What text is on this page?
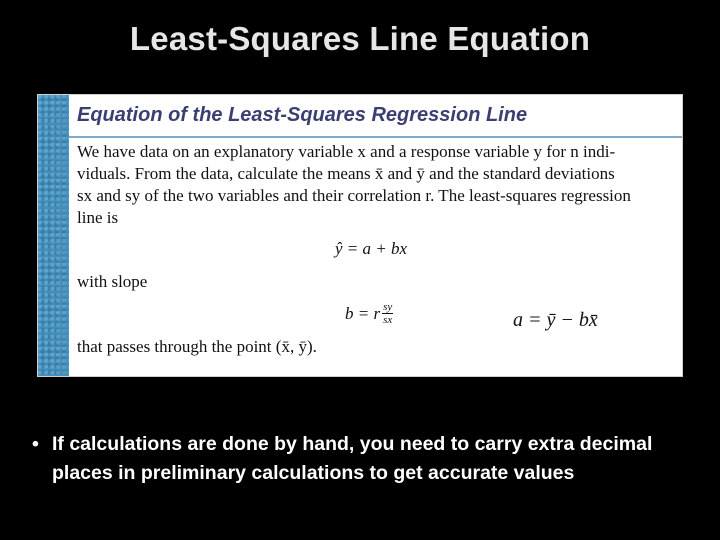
Least-Squares Line Equation
Equation of the Least-Squares Regression Line

We have data on an explanatory variable x and a response variable y for n indi-

viduals. From the data, calculate the means x̄ and ȳ and the standard deviations

sx and sy of the two variables and their correlation r. The least-squares regression

line is

ŷ = a + bx
with slope
b = r $\frac{sy}{sx}$	a = ȳ − bx̄
that passes through the point (x̄, ȳ).
• If calculations are done by hand, you need to carry extra decimal places in preliminary calculations to get accurate values
